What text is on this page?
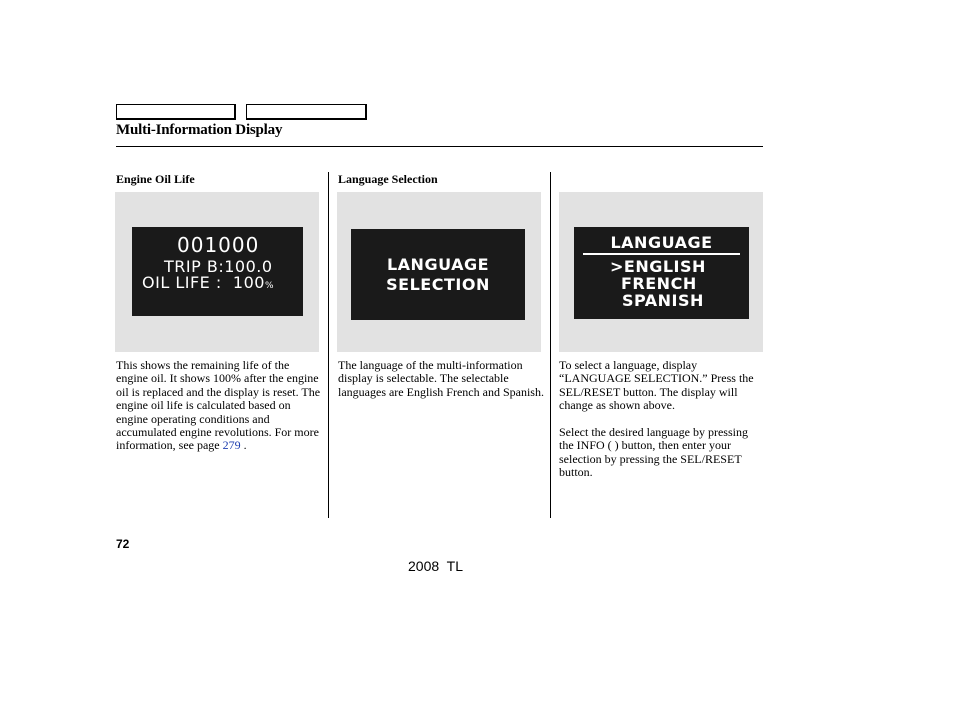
Multi-Information Display
Engine Oil Life	Language Selection
001000
TRIP B:100.0
OIL LIFE :  100%
LANGUAGE
SELECTION
LANGUAGE
>ENGLISH
FRENCH
SPANISH
This shows the remaining life of the engine oil. It shows 100% after the engine oil is replaced and the display is reset. The engine oil life is calculated based on engine operating conditions and accumulated engine revolutions. For more information, see page 279 .
The language of the multi-information display is selectable. The selectable languages are English French and Spanish.
To select a language, display “LANGUAGE SELECTION.” Press the SEL/RESET button. The display will change as shown above.
Select the desired language by pressing the INFO ( ) button, then enter your selection by pressing the SEL/RESET button.
72
2008  TL
